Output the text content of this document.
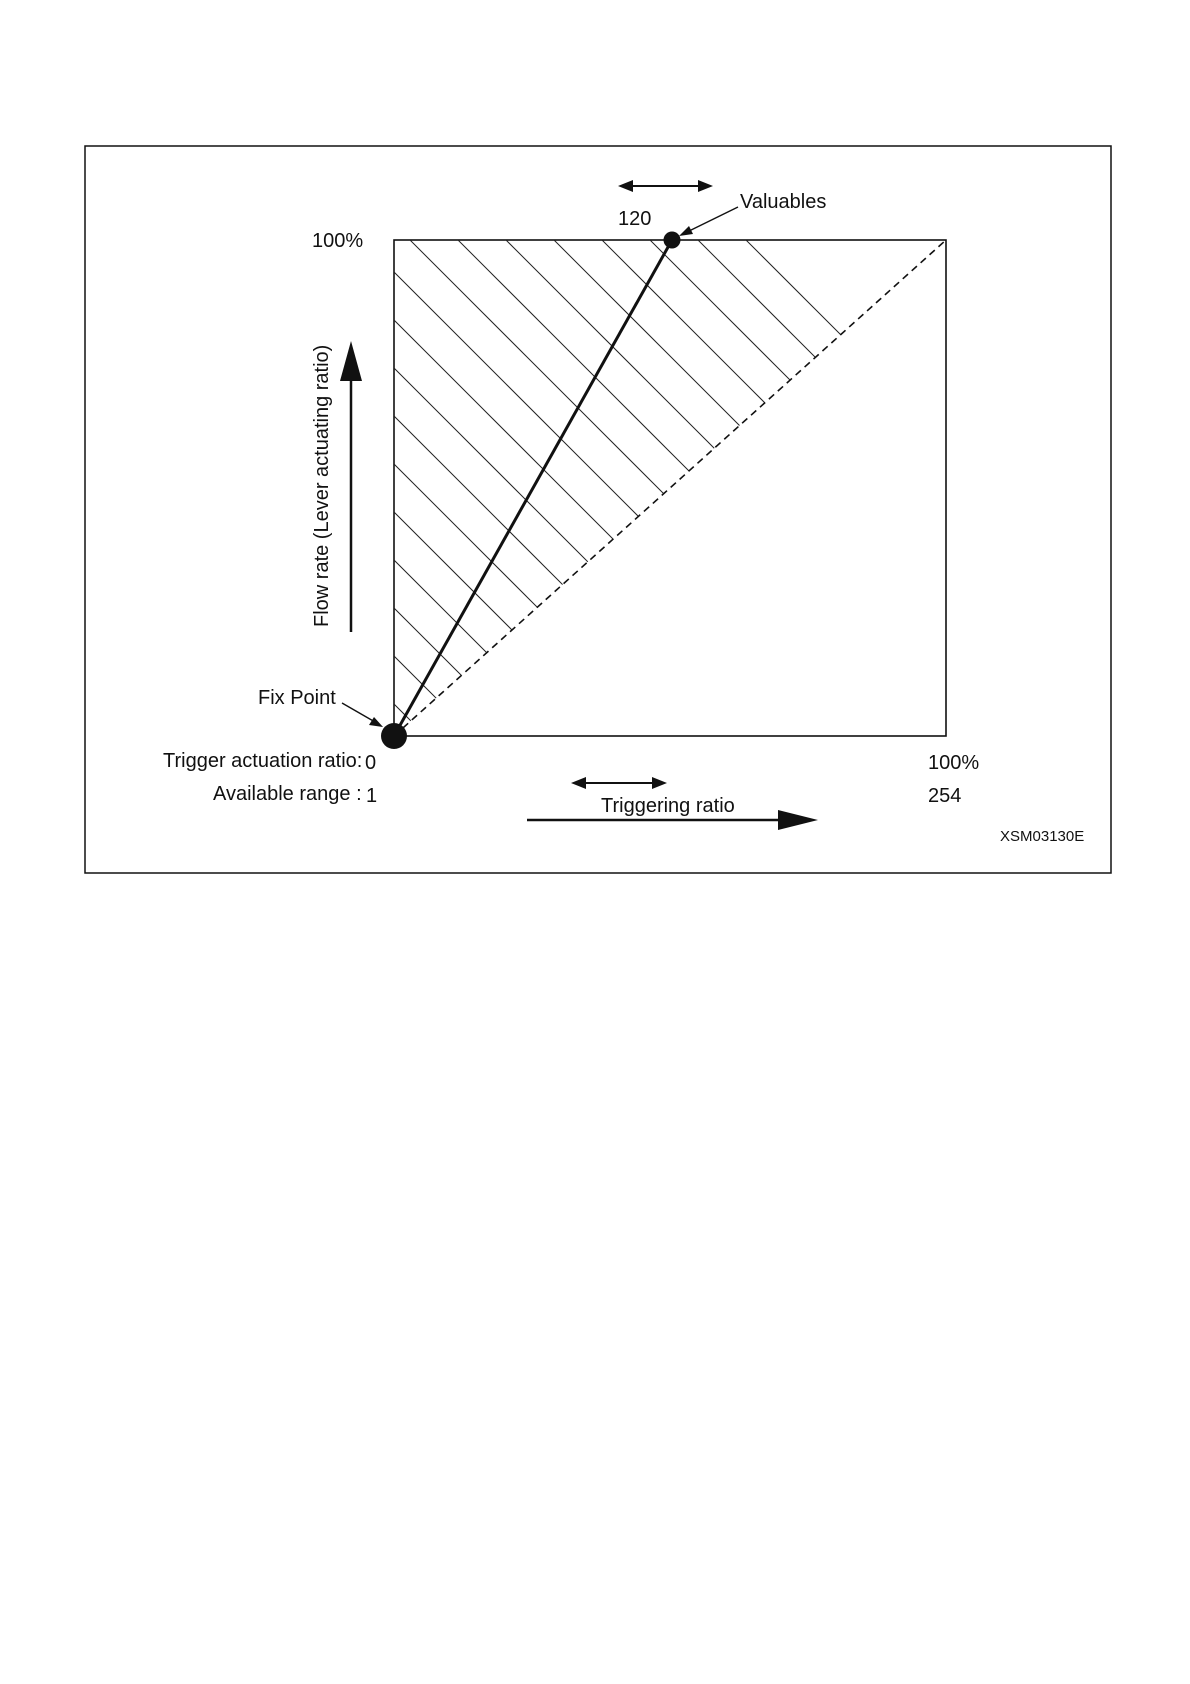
100%
120
Valuables
Fix Point
Trigger actuation ratio: 0
Available range : 1
100%
254
Triggering ratio
Flow rate (Lever actuating ratio)
XSM03130E
